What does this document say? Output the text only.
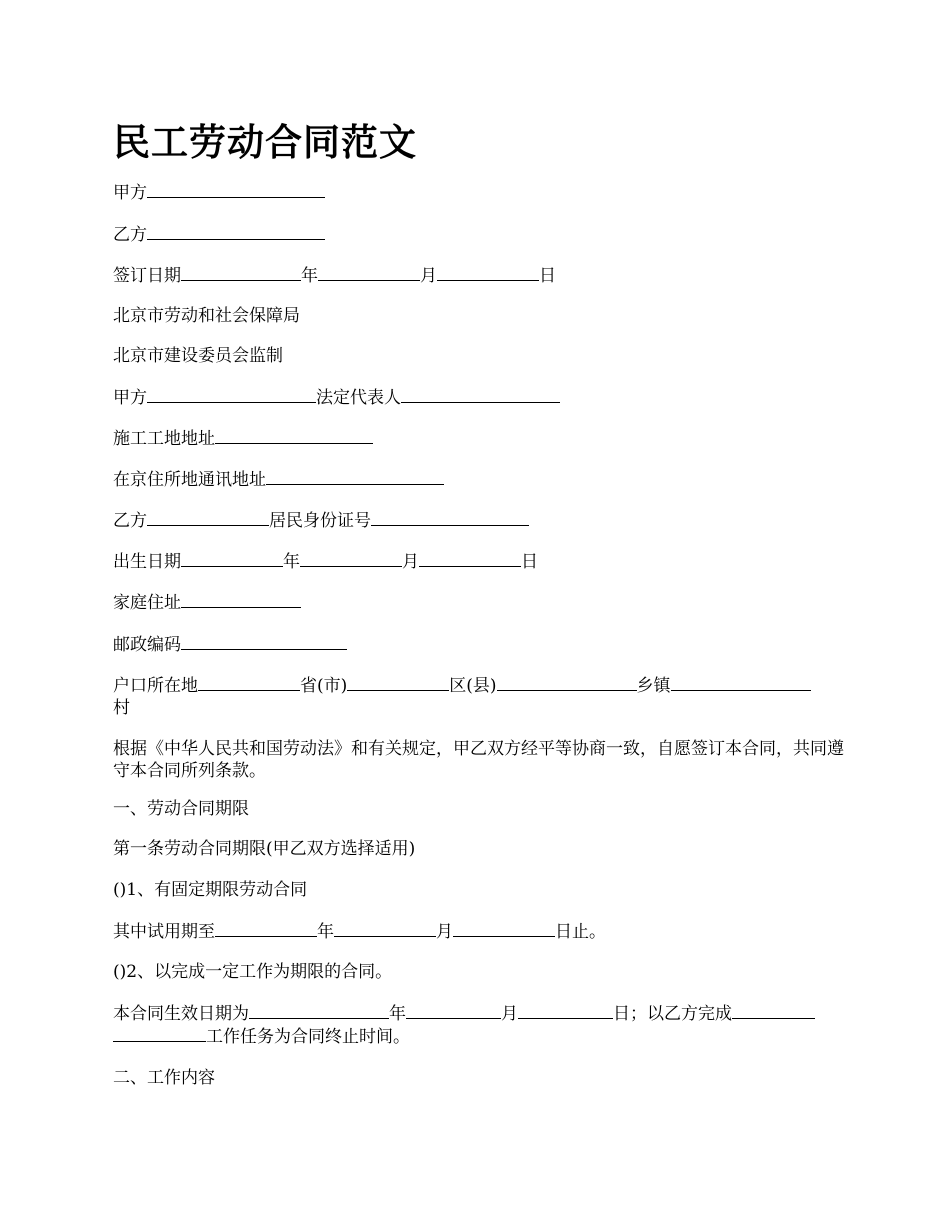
民工劳动合同范文
甲方
乙方
签订日期	年	月	日
北京市劳动和社会保障局
北京市建设委员会监制
甲方	法定代表人
施工工地地址
在京住所地通讯地址
乙方	居民身份证号
出生日期	年	月	日
家庭住址
邮政编码
户口所在地	省(市)	区(县)	乡镇
村
根据《中华人民共和国劳动法》和有关规定，甲乙双方经平等协商一致，自愿签订本合同，共同遵守本合同所列条款。
一、劳动合同期限
第一条劳动合同期限(甲乙双方选择适用)
()1、有固定期限劳动合同
其中试用期至	年	月	日止。
()2、以完成一定工作为期限的合同。
本合同生效日期为	年	月	日；以乙方完成
工作任务为合同终止时间。
二、工作内容
